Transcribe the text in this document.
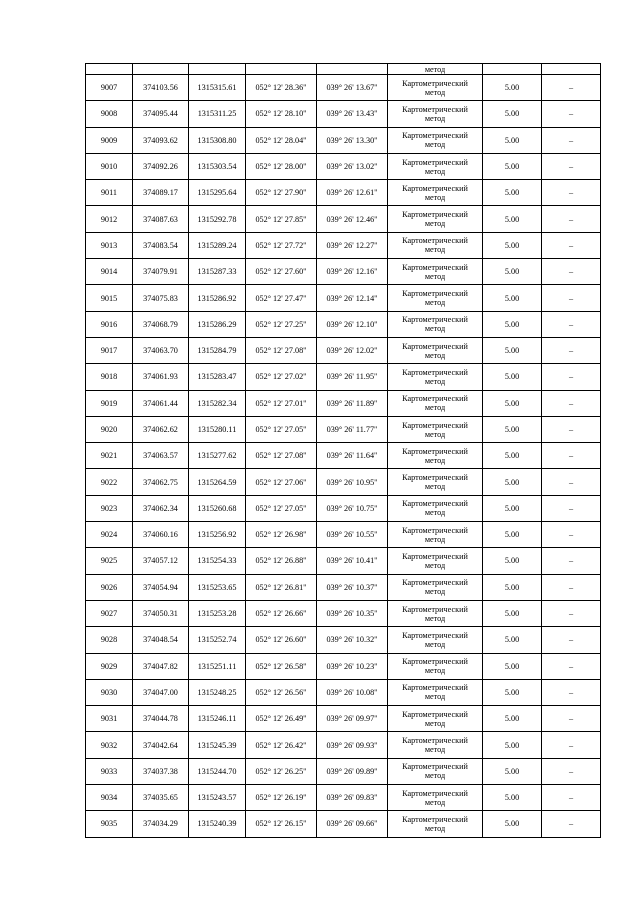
					метод		
9007	374103.56	1315315.61	052° 12' 28.36"	039° 26' 13.67"	Картометрический
метод	5.00	–
9008	374095.44	1315311.25	052° 12' 28.10"	039° 26' 13.43"	Картометрический
метод	5.00	–
9009	374093.62	1315308.80	052° 12' 28.04"	039° 26' 13.30"	Картометрический
метод	5.00	–
9010	374092.26	1315303.54	052° 12' 28.00"	039° 26' 13.02"	Картометрический
метод	5.00	–
9011	374089.17	1315295.64	052° 12' 27.90"	039° 26' 12.61"	Картометрический
метод	5.00	–
9012	374087.63	1315292.78	052° 12' 27.85"	039° 26' 12.46"	Картометрический
метод	5.00	–
9013	374083.54	1315289.24	052° 12' 27.72"	039° 26' 12.27"	Картометрический
метод	5.00	–
9014	374079.91	1315287.33	052° 12' 27.60"	039° 26' 12.16"	Картометрический
метод	5.00	–
9015	374075.83	1315286.92	052° 12' 27.47"	039° 26' 12.14"	Картометрический
метод	5.00	–
9016	374068.79	1315286.29	052° 12' 27.25"	039° 26' 12.10"	Картометрический
метод	5.00	–
9017	374063.70	1315284.79	052° 12' 27.08"	039° 26' 12.02"	Картометрический
метод	5.00	–
9018	374061.93	1315283.47	052° 12' 27.02"	039° 26' 11.95"	Картометрический
метод	5.00	–
9019	374061.44	1315282.34	052° 12' 27.01"	039° 26' 11.89"	Картометрический
метод	5.00	–
9020	374062.62	1315280.11	052° 12' 27.05"	039° 26' 11.77"	Картометрический
метод	5.00	–
9021	374063.57	1315277.62	052° 12' 27.08"	039° 26' 11.64"	Картометрический
метод	5.00	–
9022	374062.75	1315264.59	052° 12' 27.06"	039° 26' 10.95"	Картометрический
метод	5.00	–
9023	374062.34	1315260.68	052° 12' 27.05"	039° 26' 10.75"	Картометрический
метод	5.00	–
9024	374060.16	1315256.92	052° 12' 26.98"	039° 26' 10.55"	Картометрический
метод	5.00	–
9025	374057.12	1315254.33	052° 12' 26.88"	039° 26' 10.41"	Картометрический
метод	5.00	–
9026	374054.94	1315253.65	052° 12' 26.81"	039° 26' 10.37"	Картометрический
метод	5.00	–
9027	374050.31	1315253.28	052° 12' 26.66"	039° 26' 10.35"	Картометрический
метод	5.00	–
9028	374048.54	1315252.74	052° 12' 26.60"	039° 26' 10.32"	Картометрический
метод	5.00	–
9029	374047.82	1315251.11	052° 12' 26.58"	039° 26' 10.23"	Картометрический
метод	5.00	–
9030	374047.00	1315248.25	052° 12' 26.56"	039° 26' 10.08"	Картометрический
метод	5.00	–
9031	374044.78	1315246.11	052° 12' 26.49"	039° 26' 09.97"	Картометрический
метод	5.00	–
9032	374042.64	1315245.39	052° 12' 26.42"	039° 26' 09.93"	Картометрический
метод	5.00	–
9033	374037.38	1315244.70	052° 12' 26.25"	039° 26' 09.89"	Картометрический
метод	5.00	–
9034	374035.65	1315243.57	052° 12' 26.19"	039° 26' 09.83"	Картометрический
метод	5.00	–
9035	374034.29	1315240.39	052° 12' 26.15"	039° 26' 09.66"	Картометрический
метод	5.00	–
